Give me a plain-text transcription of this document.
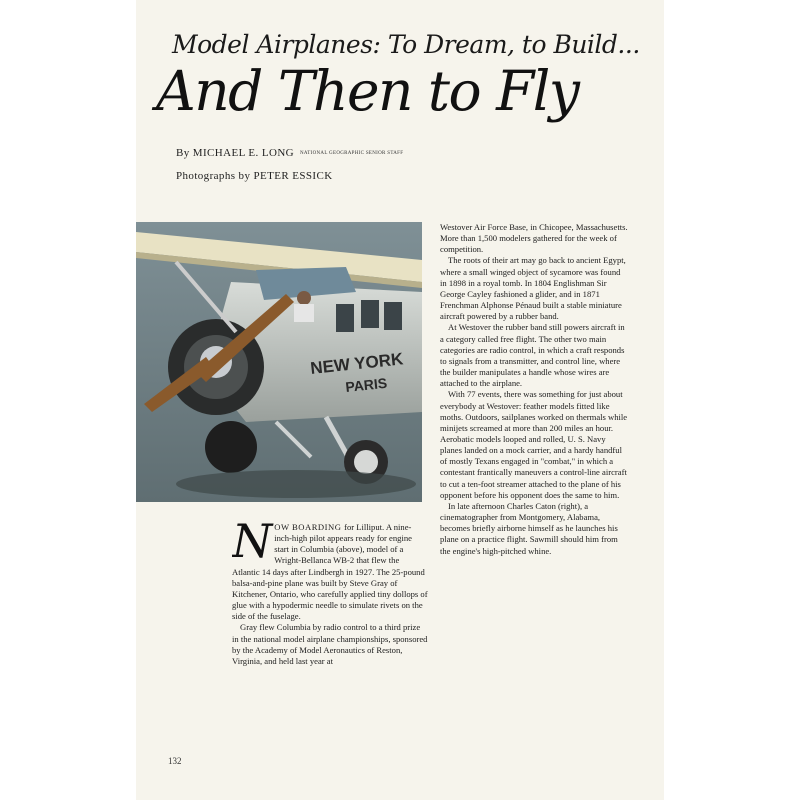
Model Airplanes: To Dream, to Build...
And Then to Fly
By MICHAEL E. LONG NATIONAL GEOGRAPHIC SENIOR STAFF
Photographs by PETER ESSICK
NEW YORK
PARIS

NOW BOARDING for Lilliput. A nine-inch-high pilot appears ready for engine start in Columbia (above), model of a Wright-Bellanca WB-2 that flew the Atlantic 14 days after Lindbergh in 1927. The 25-pound balsa-and-pine plane was built by Steve Gray of Kitchener, Ontario, who carefully applied tiny dollops of glue with a hypodermic needle to simulate rivets on the side of the fuselage.

Gray flew Columbia by radio control to a third prize in the national model airplane championships, sponsored by the Academy of Model Aeronautics of Reston, Virginia, and held last year at

Westover Air Force Base, in Chicopee, Massachusetts. More than 1,500 modelers gathered for the week of competition.

The roots of their art may go back to ancient Egypt, where a small winged object of sycamore was found in 1898 in a royal tomb. In 1804 Englishman Sir George Cayley fashioned a glider, and in 1871 Frenchman Alphonse Pénaud built a stable miniature aircraft powered by a rubber band.

At Westover the rubber band still powers aircraft in a category called free flight. The other two main categories are radio control, in which a craft responds to signals from a transmitter, and control line, where the builder manipulates a handle whose wires are attached to the airplane.

With 77 events, there was something for just about everybody at Westover: feather models fitted like moths. Outdoors, sailplanes worked on thermals while minijets screamed at more than 200 miles an hour. Aerobatic models looped and rolled, U. S. Navy planes landed on a mock carrier, and a hardy handful of mostly Texans engaged in "combat," in which a contestant frantically maneuvers a control-line aircraft to cut a ten-foot streamer attached to the plane of his opponent before his opponent does the same to him.

In late afternoon Charles Caton (right), a cinematographer from Montgomery, Alabama, becomes briefly airborne himself as he launches his plane on a practice flight. Sawmill should him from the engine's high-pitched whine.

132
